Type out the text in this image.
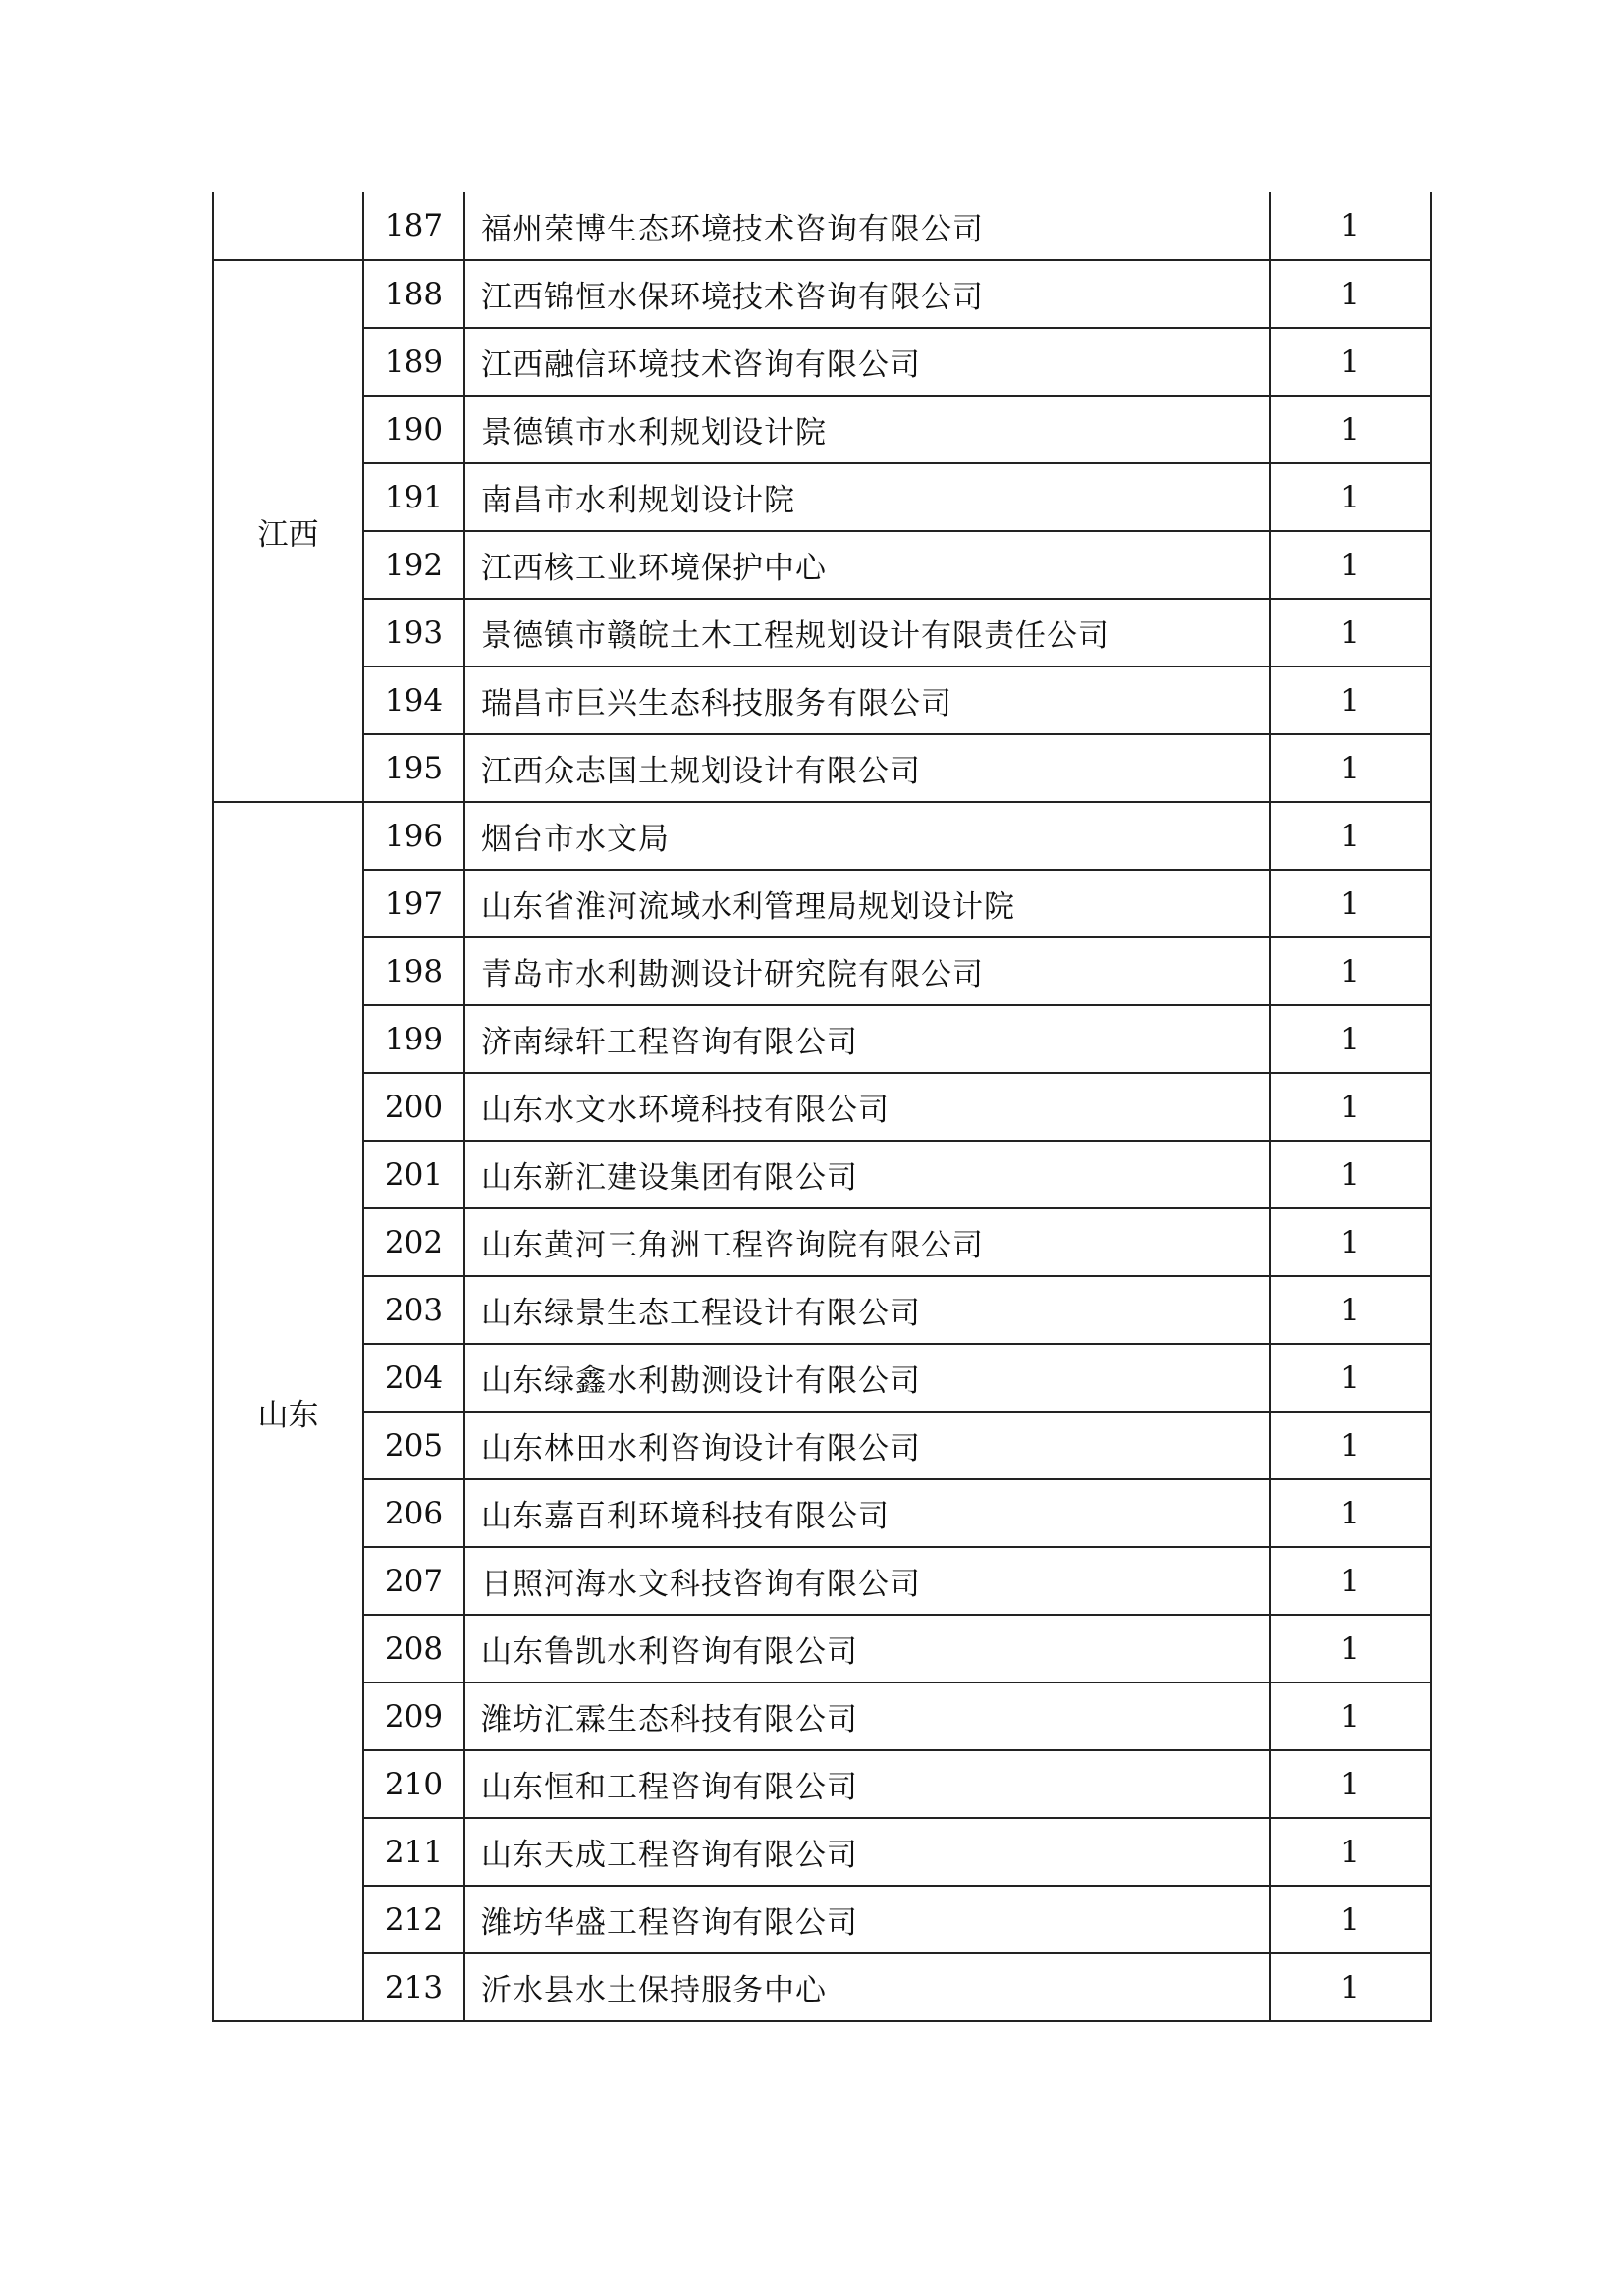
	187	福州荣博生态环境技术咨询有限公司	1
江西	188	江西锦恒水保环境技术咨询有限公司	1
	189	江西融信环境技术咨询有限公司	1
	190	景德镇市水利规划设计院	1
	191	南昌市水利规划设计院	1
	192	江西核工业环境保护中心	1
	193	景德镇市赣皖土木工程规划设计有限责任公司	1
	194	瑞昌市巨兴生态科技服务有限公司	1
	195	江西众志国土规划设计有限公司	1
山东	196	烟台市水文局	1
	197	山东省淮河流域水利管理局规划设计院	1
	198	青岛市水利勘测设计研究院有限公司	1
	199	济南绿轩工程咨询有限公司	1
	200	山东水文水环境科技有限公司	1
	201	山东新汇建设集团有限公司	1
	202	山东黄河三角洲工程咨询院有限公司	1
	203	山东绿景生态工程设计有限公司	1
	204	山东绿鑫水利勘测设计有限公司	1
	205	山东林田水利咨询设计有限公司	1
	206	山东嘉百利环境科技有限公司	1
	207	日照河海水文科技咨询有限公司	1
	208	山东鲁凯水利咨询有限公司	1
	209	潍坊汇霖生态科技有限公司	1
	210	山东恒和工程咨询有限公司	1
	211	山东天成工程咨询有限公司	1
	212	潍坊华盛工程咨询有限公司	1
	213	沂水县水土保持服务中心	1
